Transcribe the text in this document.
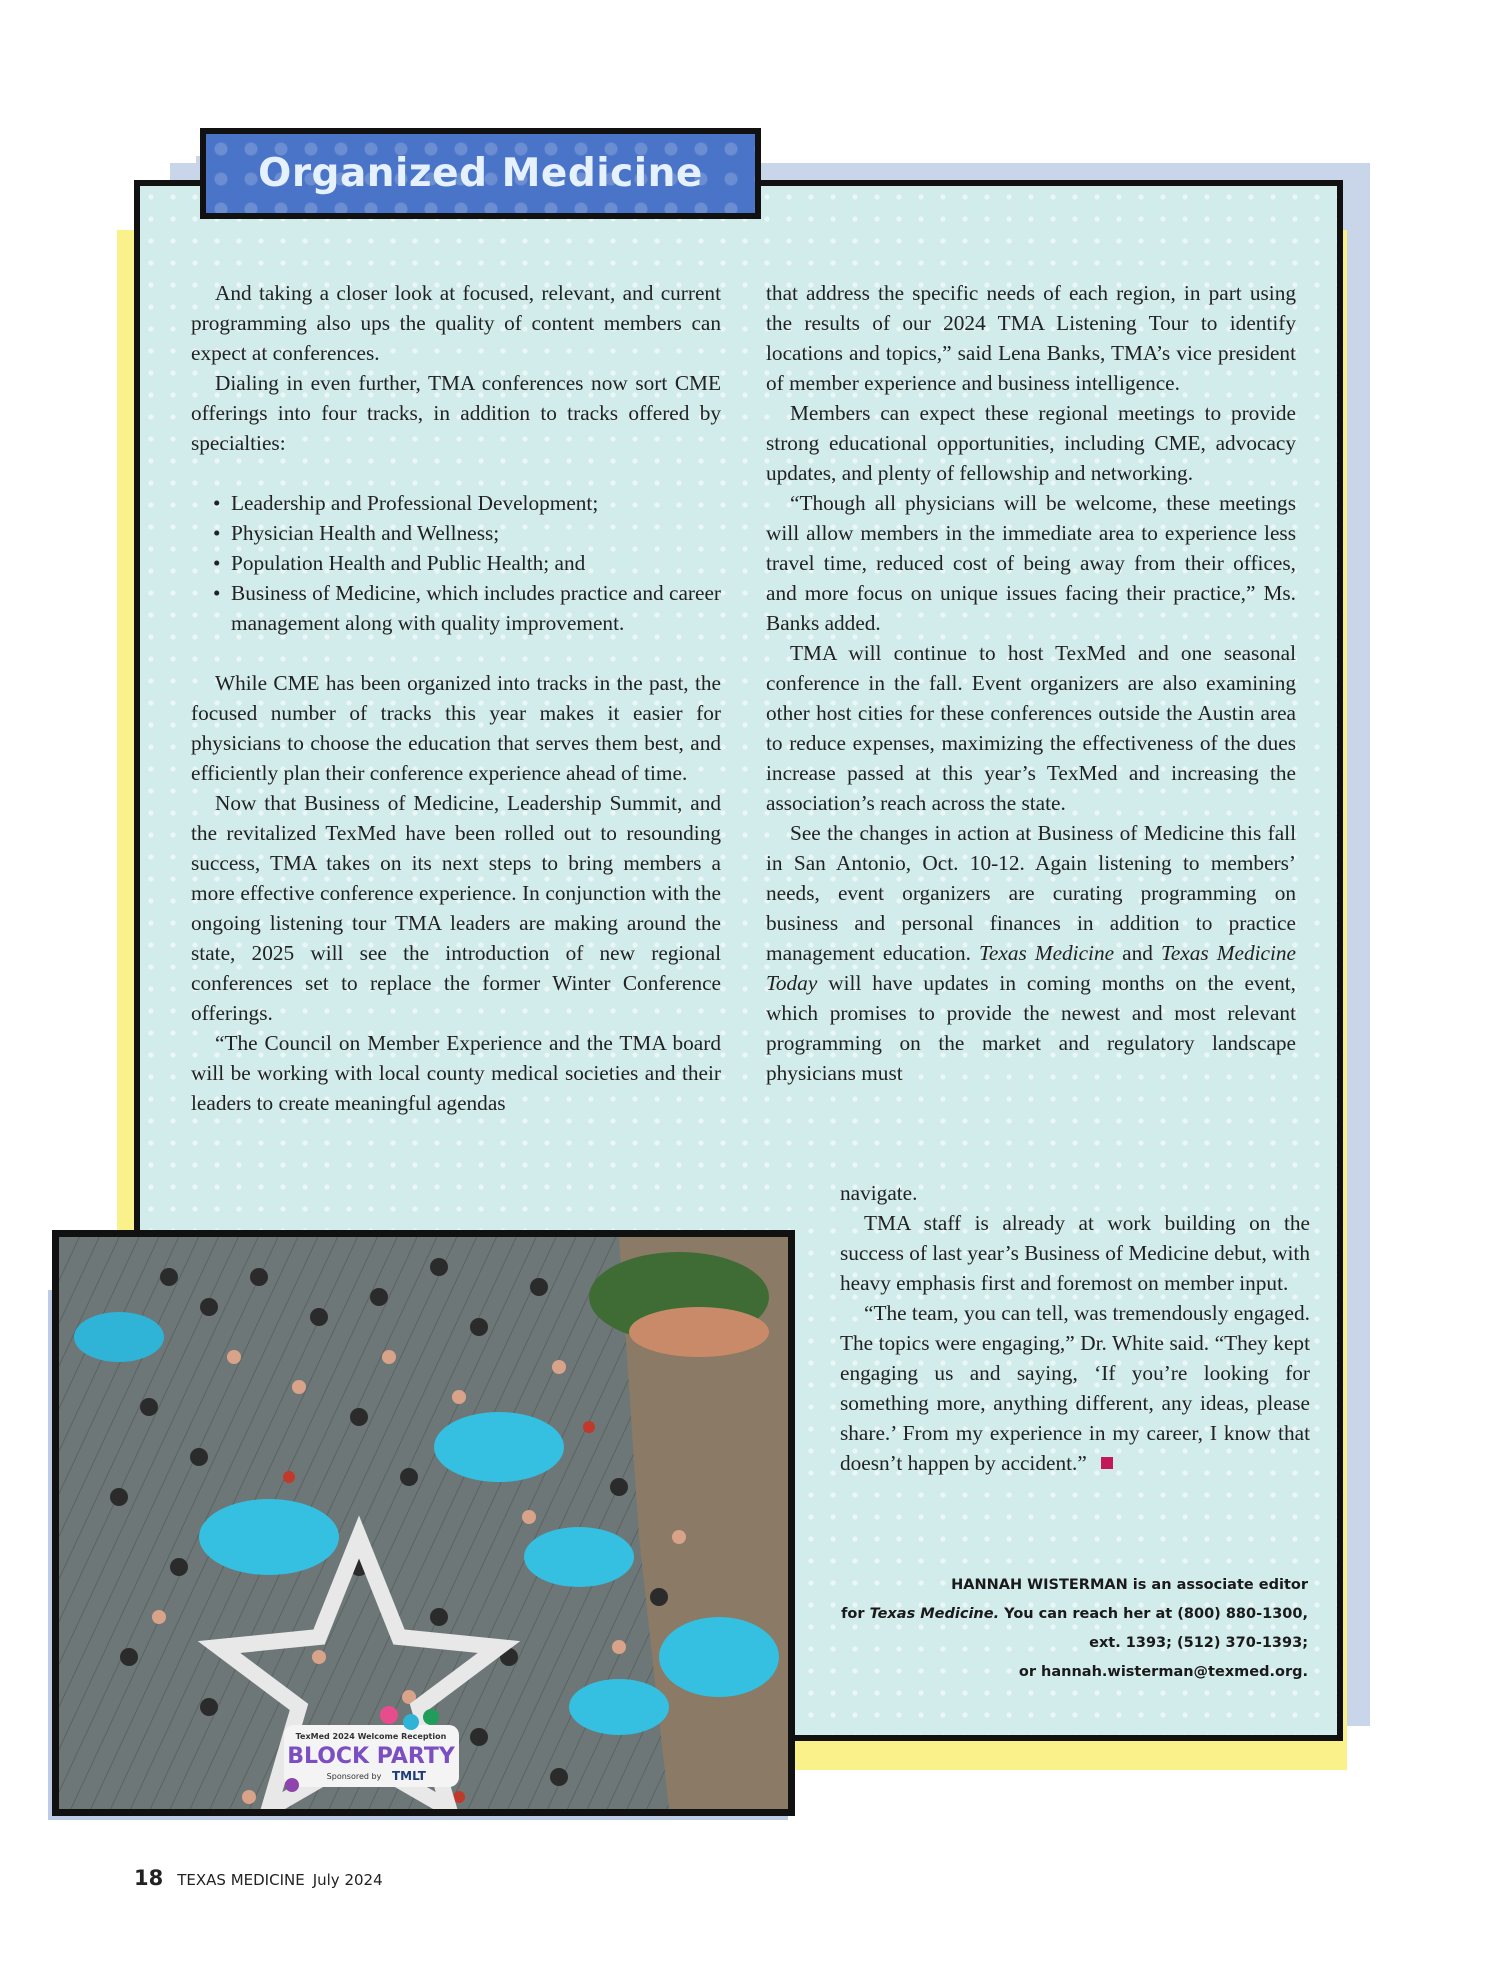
Organized Medicine

And taking a closer look at focused, relevant, and current programming also ups the quality of content members can expect at conferences.

Dialing in even further, TMA conferences now sort CME offerings into four tracks, in addition to tracks offered by specialties:

• Leadership and Professional Development;
• Physician Health and Wellness;
• Population Health and Public Health; and
• Business of Medicine, which includes practice and career management along with quality improvement.

While CME has been organized into tracks in the past, the focused number of tracks this year makes it easier for physicians to choose the education that serves them best, and efficiently plan their conference experience ahead of time.

Now that Business of Medicine, Leadership Summit, and the revitalized TexMed have been rolled out to resounding success, TMA takes on its next steps to bring members a more effective conference experience. In conjunction with the ongoing listening tour TMA leaders are making around the state, 2025 will see the introduction of new regional conferences set to replace the former Winter Conference offerings.

“The Council on Member Experience and the TMA board will be working with local county medical societies and their leaders to create meaningful agendas

that address the specific needs of each region, in part using the results of our 2024 TMA Listening Tour to identify locations and topics,” said Lena Banks, TMA’s vice president of member experience and business intelligence.

Members can expect these regional meetings to provide strong educational opportunities, including CME, advocacy updates, and plenty of fellowship and networking.

“Though all physicians will be welcome, these meetings will allow members in the immediate area to experience less travel time, reduced cost of being away from their offices, and more focus on unique issues facing their practice,” Ms. Banks added.

TMA will continue to host TexMed and one seasonal conference in the fall. Event organizers are also examining other host cities for these conferences outside the Austin area to reduce expenses, maximizing the effectiveness of the dues increase passed at this year’s TexMed and increasing the association’s reach across the state.

See the changes in action at Business of Medicine this fall in San Antonio, Oct. 10-12. Again listening to members’ needs, event organizers are curating programming on business and personal finances in addition to practice management education. Texas Medicine and Texas Medicine Today will have updates in coming months on the event, which promises to provide the newest and most relevant programming on the market and regulatory landscape physicians must

navigate.

TMA staff is already at work building on the success of last year’s Business of Medicine debut, with heavy emphasis first and foremost on member input.

“The team, you can tell, was tremendously engaged. The topics were engaging,” Dr. White said. “They kept engaging us and saying, ‘If you’re looking for something more, anything different, any ideas, please share.’ From my experience in my career, I know that doesn’t happen by accident.”

HANNAH WISTERMAN is an associate editor
for Texas Medicine. You can reach her at (800) 880-1300,
ext. 1393; (512) 370-1393;
or hannah.wisterman@texmed.org.
TexMed 2024 Welcome Reception
BLOCK PARTY
Sponsored by TMLT
18 TEXAS MEDICINE July 2024
